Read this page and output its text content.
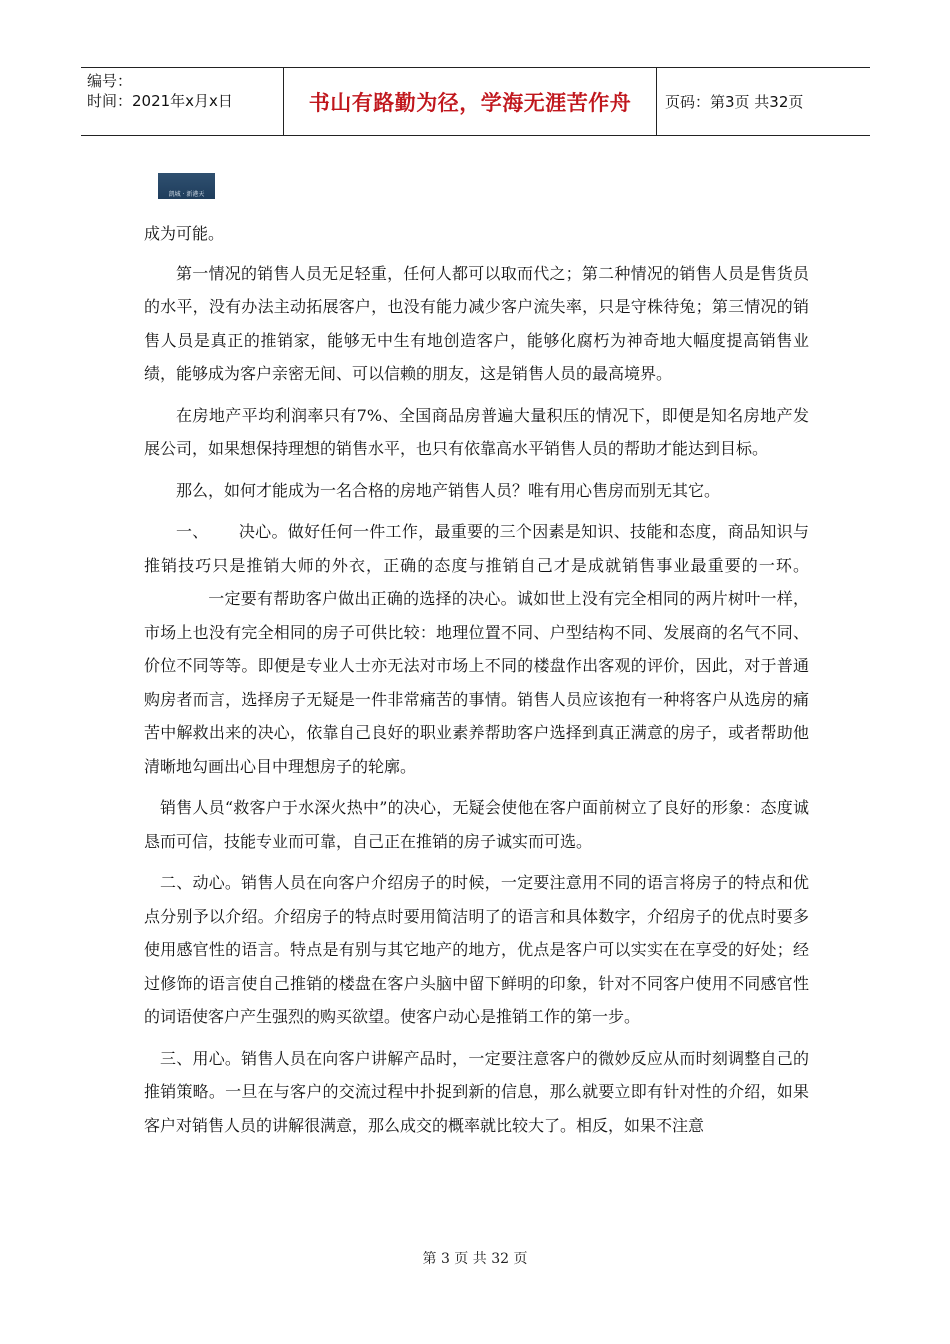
编号：
时间：2021年x月x日	书山有路勤为径，学海无涯苦作舟 页码：第3页 共32页
凯城 · 新港天

成为可能。

第一情况的销售人员无足轻重，任何人都可以取而代之；第二种情况的销售人员是售货员的水平，没有办法主动拓展客户，也没有能力减少客户流失率，只是守株待兔；第三情况的销售人员是真正的推销家，能够无中生有地创造客户，能够化腐朽为神奇地大幅度提高销售业绩，能够成为客户亲密无间、可以信赖的朋友，这是销售人员的最高境界。

在房地产平均利润率只有7%、全国商品房普遍大量积压的情况下，即便是知名房地产发展公司，如果想保持理想的销售水平，也只有依靠高水平销售人员的帮助才能达到目标。

那么，如何才能成为一名合格的房地产销售人员？唯有用心售房而别无其它。

一、 决心。做好任何一件工作，最重要的三个因素是知识、技能和态度，商品知识与推销技巧只是推销大师的外衣，正确的态度与推销自己才是成就销售事业最重要的一环。一定要有帮助客户做出正确的选择的决心。诚如世上没有完全相同的两片树叶一样，市场上也没有完全相同的房子可供比较：地理位置不同、户型结构不同、发展商的名气不同、价位不同等等。即便是专业人士亦无法对市场上不同的楼盘作出客观的评价，因此，对于普通购房者而言，选择房子无疑是一件非常痛苦的事情。销售人员应该抱有一种将客户从选房的痛苦中解救出来的决心，依靠自己良好的职业素养帮助客户选择到真正满意的房子，或者帮助他清晰地勾画出心目中理想房子的轮廓。

销售人员“救客户于水深火热中”的决心，无疑会使他在客户面前树立了良好的形象：态度诚恳而可信，技能专业而可靠，自己正在推销的房子诚实而可选。

二、动心。销售人员在向客户介绍房子的时候，一定要注意用不同的语言将房子的特点和优点分别予以介绍。介绍房子的特点时要用简洁明了的语言和具体数字，介绍房子的优点时要多使用感官性的语言。特点是有别与其它地产的地方，优点是客户可以实实在在享受的好处；经过修饰的语言使自己推销的楼盘在客户头脑中留下鲜明的印象，针对不同客户使用不同感官性的词语使客户产生强烈的购买欲望。使客户动心是推销工作的第一步。

三、用心。销售人员在向客户讲解产品时，一定要注意客户的微妙反应从而时刻调整自己的推销策略。一旦在与客户的交流过程中扑捉到新的信息，那么就要立即有针对性的介绍，如果客户对销售人员的讲解很满意，那么成交的概率就比较大了。相反，如果不注意

第 3 页 共 32 页
